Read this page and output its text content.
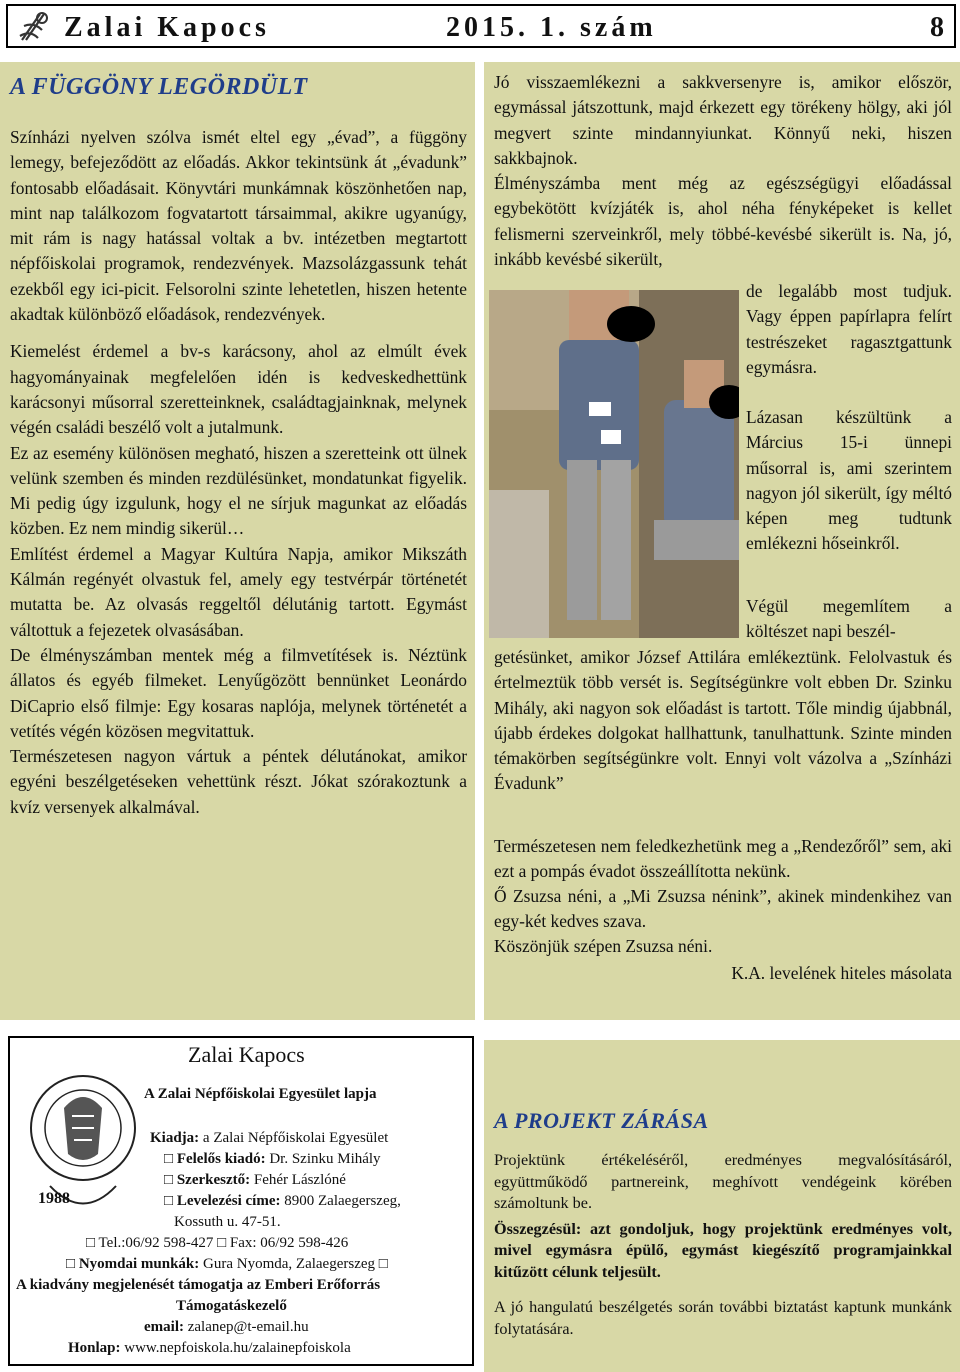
Zalai Kapocs	2015. 1. szám	8
A FÜGGÖNY LEGÖRDÜLT

Színházi nyelven szólva ismét eltel egy „évad”, a függöny lemegy, befejeződött az előadás. Akkor tekintsünk át „évadunk” fontosabb előadásait. Könyvtári munkámnak köszönhetően nap, mint nap találkozom fogvatartott társaimmal, akikre ugyanúgy, mit rám is nagy hatással voltak a bv. intézetben megtartott népfőiskolai programok, rendezvények. Mazsolázgassunk tehát ezekből egy ici-picit. Felsorolni szinte lehetetlen, hiszen hetente akadtak különböző előadások, rendezvények.

Kiemelést érdemel a bv-s karácsony, ahol az elmúlt évek hagyományainak megfelelően idén is kedveskedhettünk karácsonyi műsorral szeretteinknek, családtagjainknak, melynek végén családi beszélő volt a jutalmunk.

Ez az esemény különösen megható, hiszen a szeretteink ott ülnek velünk szemben és minden rezdülésünket, mondatunkat figyelik. Mi pedig úgy izgulunk, hogy el ne sírjuk magunkat az előadás közben. Ez nem mindig sikerül…

Említést érdemel a Magyar Kultúra Napja, amikor Mikszáth Kálmán regényét olvastuk fel, amely egy testvérpár történetét mutatta be. Az olvasás reggeltől délutánig tartott. Egymást váltottuk a fejezetek olvasásában.

De élményszámban mentek még a filmvetítések is. Néztünk állatos és egyéb filmeket. Lenyűgözött bennünket Leonárdo DiCaprio első filmje: Egy kosaras naplója, melynek történetét a vetítés végén közösen megvitattuk.

Természetesen nagyon vártuk a péntek délutánokat, amikor egyéni beszélgetéseken vehettünk részt. Jókat szórakoztunk a kvíz versenyek alkalmával.

Jó visszaemlékezni a sakkversenyre is, amikor először, egymással játszottunk, majd érkezett egy törékeny hölgy, aki jól megvert szinte mindannyiunkat. Könnyű neki, hiszen sakkbajnok.

Élményszámba ment még az egészségügyi előadással egybekötött kvízjáték is, ahol néha fényképeket is kellet felismerni szerveinkről, mely többé-kevésbé sikerült is. Na, jó, inkább kevésbé sikerült,

de legalább most tudjuk. Vagy éppen papírlapra felírt testrészeket ragasztgattunk egymásra.
Lázasan készültünk a Március 15-i ünnepi műsorral is, ami szerintem nagyon jól sikerült, így méltó képen meg tudtunk emlékezni hőseinkről.
Végül megemlítem a költészet napi beszél-
getésünket, amikor József Attilára emlékeztünk. Felolvastuk és értelmeztük több versét is. Segítségünkre volt ebben Dr. Szinku Mihály, aki nagyon sok előadást is tartott. Tőle mindig újabbnál, újabb érdekes dolgokat hallhattunk, tanulhattunk. Szinte minden témakörben segítségünkre volt. Ennyi volt vázolva a „Színházi Évadunk”
Természetesen nem feledkezhetünk meg a „Rendezőről” sem, aki ezt a pompás évadot összeállította nekünk.
Ő Zsuzsa néni, a „Mi Zsuzsa nénink”, akinek mindenkihez van egy-két kedves szava.
Köszönjük szépen Zsuzsa néni.
K.A. levelének hiteles másolata
1988
Zalai Kapocs
A Zalai Népfőiskolai Egyesület lapja
Kiadja: a Zalai Népfőiskolai Egyesület
□ Felelős kiadó: Dr. Szinku Mihály
□ Szerkesztő: Fehér Lászlóné
□ Levelezési címe: 8900 Zalaegerszeg,
Kossuth u. 47-51.
□ Tel.:06/92 598-427 □ Fax: 06/92 598-426
□ Nyomdai munkák: Gura Nyomda, Zalaegerszeg □
A kiadvány megjelenését támogatja az Emberi Erőforrás
Támogatáskezelő
email: zalanep@t-email.hu
Honlap: www.nepfoiskola.hu/zalainepfoiskola
A PROJEKT ZÁRÁSA

Projektünk értékeléséről, eredményes megvalósításáról, együttműködő partnereink, meghívott vendégeink körében számoltunk be.

Összegzésül: azt gondoljuk, hogy projektünk eredményes volt, mivel egymásra épülő, egymást kiegészítő programjainkkal kitűzött célunk teljesült.

A jó hangulatú beszélgetés során további biztatást kaptunk munkánk folytatására.
